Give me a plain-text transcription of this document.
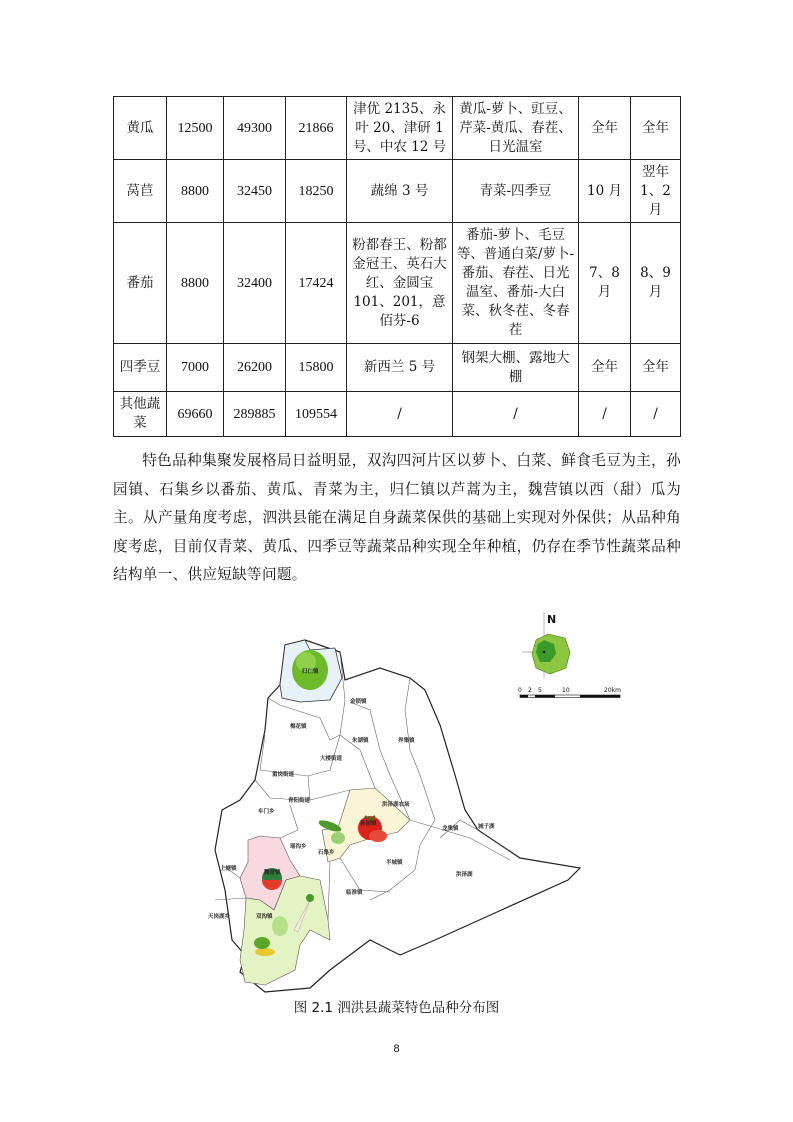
黄瓜	12500	49300	21866	津优 2135、永叶 20、津研 1 号、中农 12 号	黄瓜-萝卜、豇豆、芹菜-黄瓜、春茬、日光温室	全年	全年
莴苣	8800	32450	18250	蔬绵 3 号	青菜-四季豆	10 月	翌年 1、2 月
番茄	8800	32400	17424	粉都春王、粉都金冠王、英石大红、金圆宝 101、201，意佰芬-6	番茄-萝卜、毛豆等、普通白菜/萝卜-番茄、春茬、日光温室、番茄-大白菜、秋冬茬、冬春茬	7、8 月	8、9 月
四季豆	7000	26200	15800	新西兰 5 号	钢架大棚、露地大棚	全年	全年
其他蔬菜	69660	289885	109554	/	/	/	/

特色品种集聚发展格局日益明显，双沟四河片区以萝卜、白菜、鲜食毛豆为主，孙园镇、石集乡以番茄、黄瓜、青菜为主，归仁镇以芦蒿为主，魏营镇以西（甜）瓜为主。从产量角度考虑，泗洪县能在满足自身蔬菜保供的基础上实现对外保供；从品种角度考虑，目前仅青菜、黄瓜、四季豆等蔬菜品种实现全年种植，仍存在季节性蔬菜品种结构单一、供应短缺等问题。

归仁镇
金锁镇
梅花镇
朱湖镇	界集镇
大楼街道
重岗街道
青阳街道
车门乡
洪泽湖农场
孙园镇
龙集镇	城子湖
石集乡
瑶沟乡
半城镇
上塘镇
魏营镇
临淮镇
洪泽湖
天岗湖乡	双沟镇
N
0 2 5	10	20km
图 2.1 泗洪县蔬菜特色品种分布图
8
